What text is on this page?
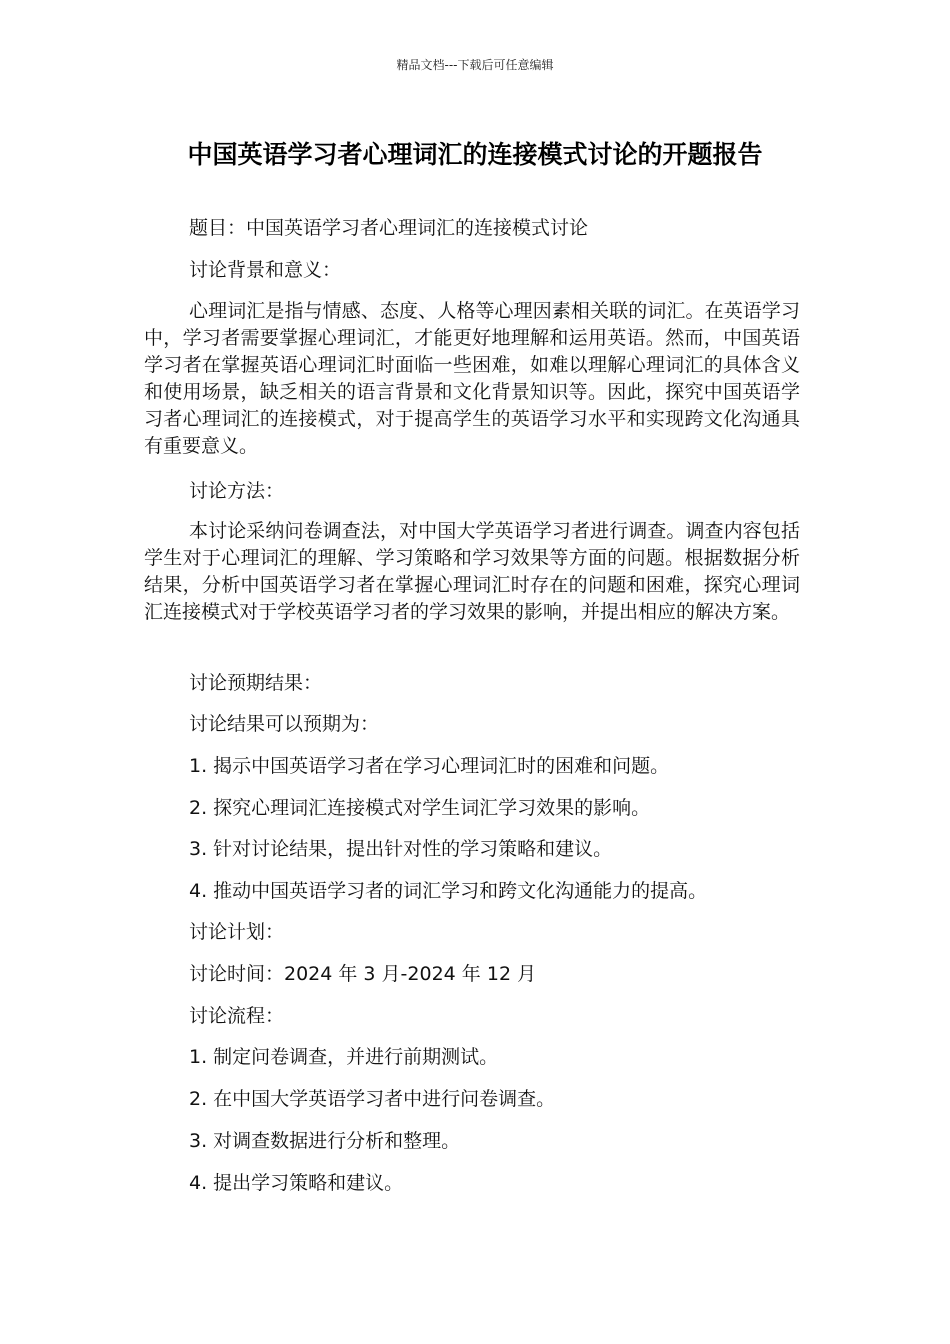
精品文档---下载后可任意编辑
中国英语学习者心理词汇的连接模式讨论的开题报告
题目：中国英语学习者心理词汇的连接模式讨论
讨论背景和意义：

心理词汇是指与情感、态度、人格等心理因素相关联的词汇。在英语学习中，学习者需要掌握心理词汇，才能更好地理解和运用英语。然而，中国英语学习者在掌握英语心理词汇时面临一些困难，如难以理解心理词汇的具体含义和使用场景，缺乏相关的语言背景和文化背景知识等。因此，探究中国英语学习者心理词汇的连接模式，对于提高学生的英语学习水平和实现跨文化沟通具有重要意义。

讨论方法：

本讨论采纳问卷调查法，对中国大学英语学习者进行调查。调查内容包括学生对于心理词汇的理解、学习策略和学习效果等方面的问题。根据数据分析结果，分析中国英语学习者在掌握心理词汇时存在的问题和困难，探究心理词汇连接模式对于学校英语学习者的学习效果的影响，并提出相应的解决方案。

讨论预期结果：
讨论结果可以预期为：
1. 揭示中国英语学习者在学习心理词汇时的困难和问题。
2. 探究心理词汇连接模式对学生词汇学习效果的影响。
3. 针对讨论结果，提出针对性的学习策略和建议。
4. 推动中国英语学习者的词汇学习和跨文化沟通能力的提高。
讨论计划：
讨论时间：2024 年 3 月-2024 年 12 月
讨论流程：
1. 制定问卷调查，并进行前期测试。
2. 在中国大学英语学习者中进行问卷调查。
3. 对调查数据进行分析和整理。
4. 提出学习策略和建议。
